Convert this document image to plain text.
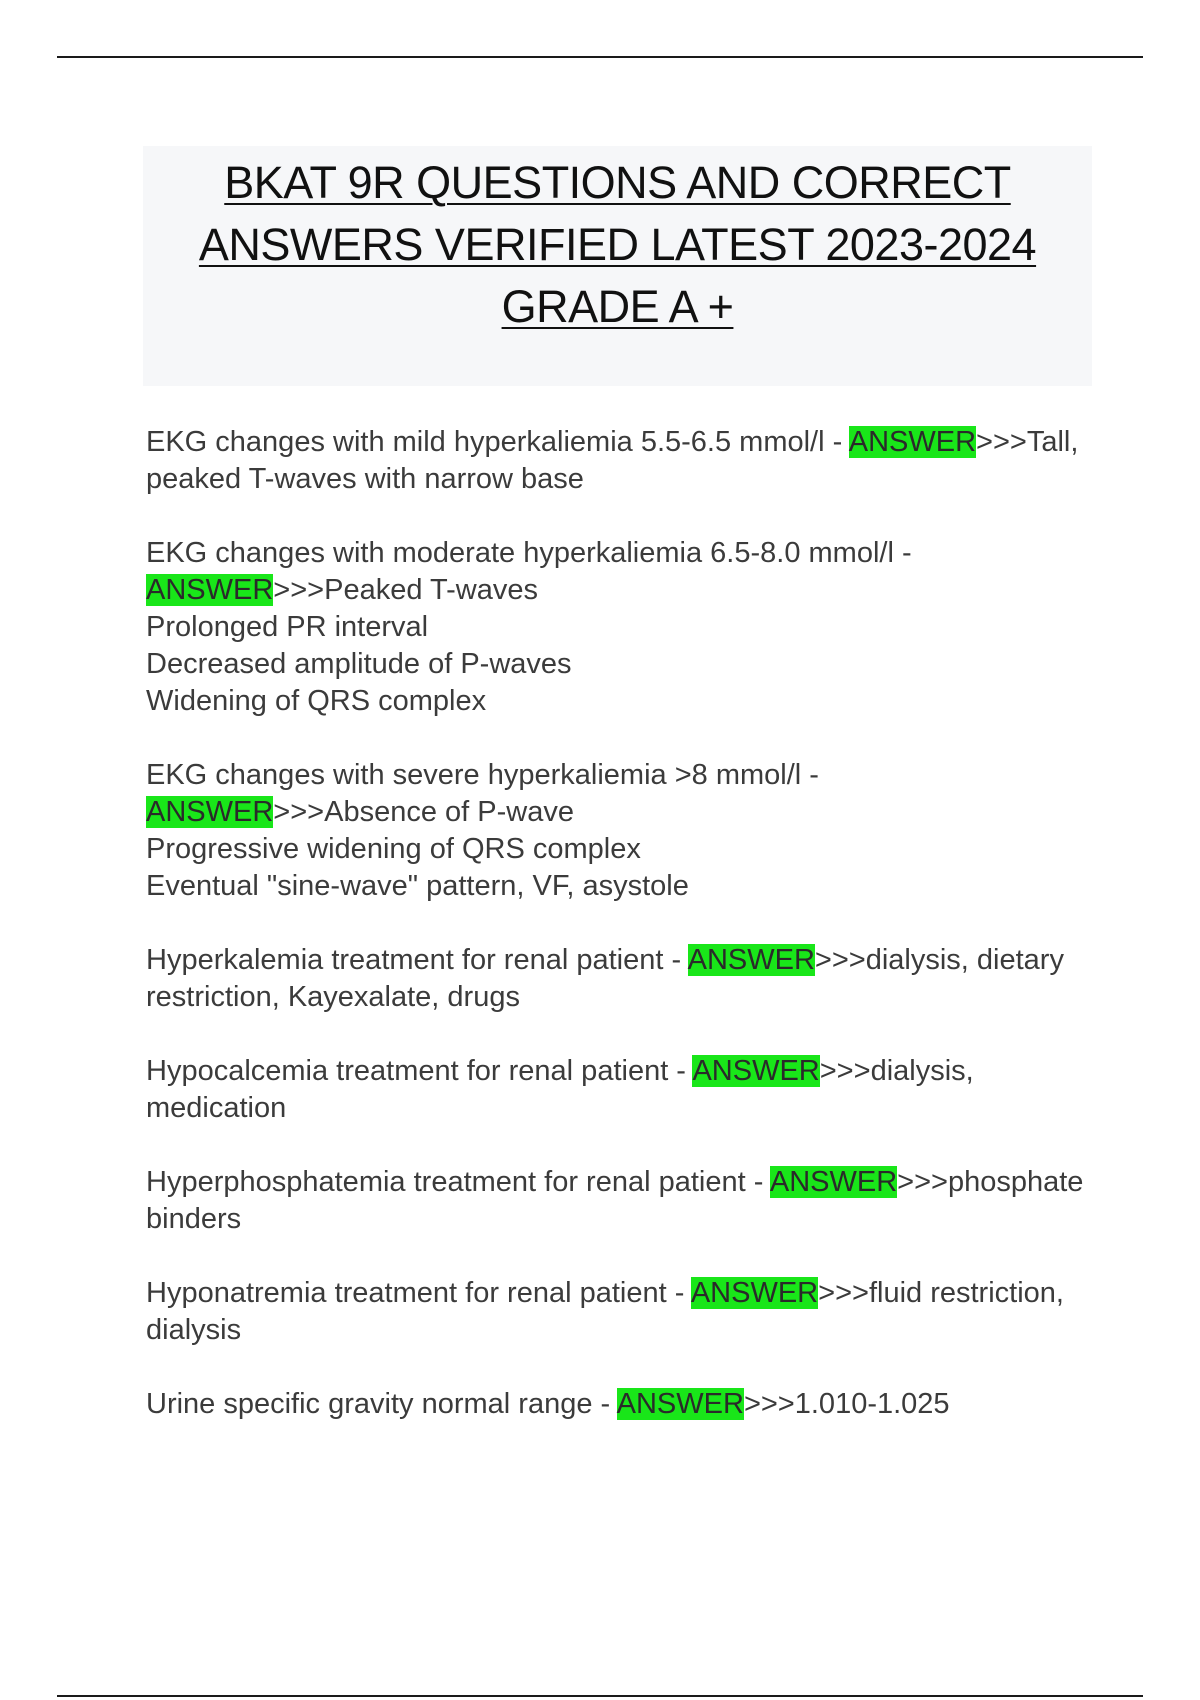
BKAT 9R QUESTIONS AND CORRECT
ANSWERS VERIFIED LATEST 2023-2024
GRADE A +

EKG changes with mild hyperkaliemia 5.5-6.5 mmol/l - ANSWER>>>Tall, peaked T-waves with narrow base

EKG changes with moderate hyperkaliemia 6.5-8.0 mmol/l - ANSWER>>>Peaked T-waves
Prolonged PR interval
Decreased amplitude of P-waves
Widening of QRS complex

EKG changes with severe hyperkaliemia >8 mmol/l - ANSWER>>>Absence of P-wave
Progressive widening of QRS complex
Eventual "sine-wave" pattern, VF, asystole

Hyperkalemia treatment for renal patient - ANSWER>>>dialysis, dietary restriction, Kayexalate, drugs

Hypocalcemia treatment for renal patient - ANSWER>>>dialysis, medication

Hyperphosphatemia treatment for renal patient - ANSWER>>>phosphate binders

Hyponatremia treatment for renal patient - ANSWER>>>fluid restriction, dialysis

Urine specific gravity normal range - ANSWER>>>1.010-1.025
